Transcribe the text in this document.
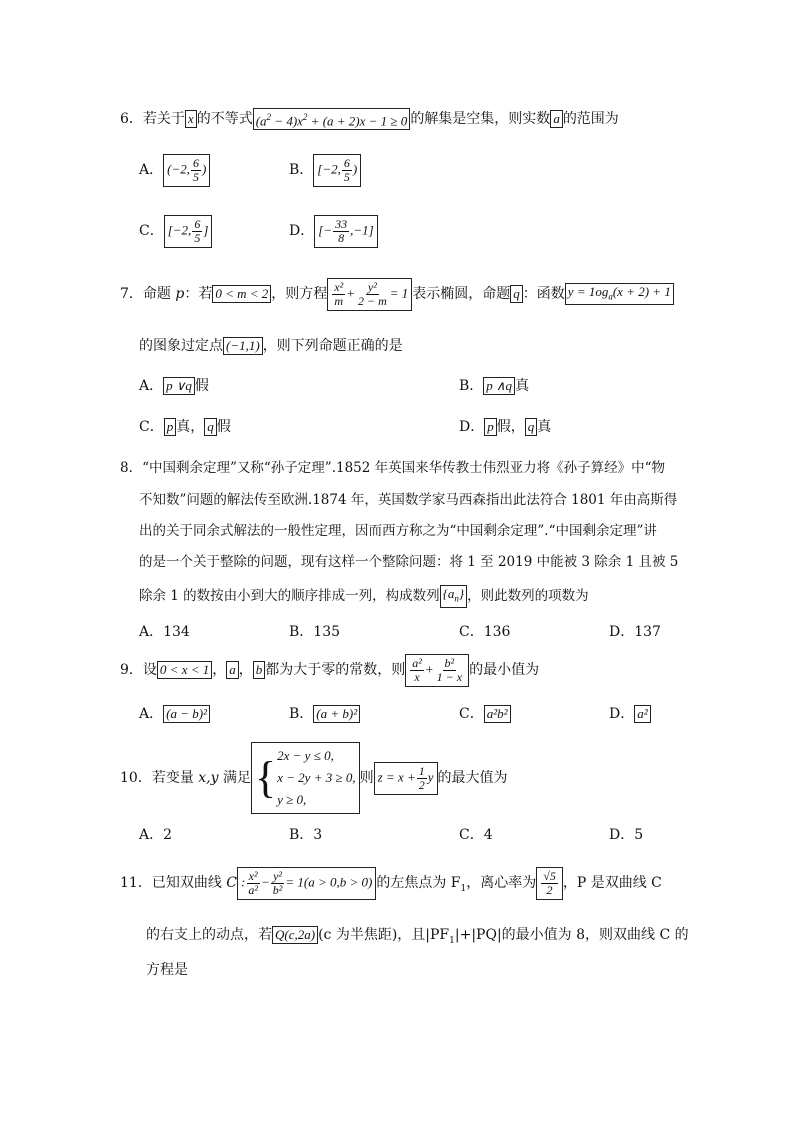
6．若关于 x 的不等式 $(a^2 - 4)x^2 + (a + 2)x - 1 \ge 0$ 的解集是空集，则实数 a 的范围为
A． (−2, $\frac{6}{5}$ )	B． [−2, $\frac{6}{5}$ )
C． [−2, $\frac{6}{5}$ ]	D． [− $\frac{33}{8} ,-1$]
7．命题 p：若 0 < m < 2 ，则方程 $\frac{\text{x²}}{m} + \frac{\text{y²}}{2 - m} = 1$ 表示椭圆，命题 q ：函数 $y = 1og_a(x + 2) + 1$
的图象过定点 (−1,1) ，则下列命题正确的是
A． p ∨q 假	B． p ∧q 真
C． p 真， q 假	D． p 假， q 真
8．“中国剩余定理”又称“孙子定理”.1852 年英国来华传教士伟烈亚力将《孙子算经》中“物
不知数”问题的解法传至欧洲.1874 年，英国数学家马西森指出此法符合 1801 年由高斯得
出的关于同余式解法的一般性定理，因而西方称之为“中国剩余定理”.“中国剩余定理”讲
的是一个关于整除的问题，现有这样一个整除问题：将 1 至 2019 中能被 3 除余 1 且被 5
除余 1 的数按由小到大的顺序排成一列，构成数列 $\{a_n\}$ ，则此数列的项数为
A．134	B．135	C．136	D．137
9．设 0 < x < 1 ， a ， b 都为大于零的常数，则 $\frac{\text{a²}}{x} + \frac{\text{b²}}{1 - x}$ 的最小值为
A． (a − b)²	B． (a + b)²	C． a²b²	D． a²
10．若变量 x,y 满足 { 2x − y ≤ 0,
x − 2y + 3 ≥ 0,
y ≥ 0,
则 $z = x + \frac{1}{2}$ y 的最大值为
A．2	B．3	C．4	D．5
11．已知双曲线 C : $\frac{\text{x²}}{\text{a²}} - \frac{\text{y²}}{\text{b²}} = 1(a > 0,b > 0)$ 的左焦点为 $F_1$，离心率为 $\frac{√5}{2}$ ，P 是双曲线 C
的右支上的动点，若 Q(c,2a) (c 为半焦距)，且$|PF_1|+|PQ|$的最小值为 8，则双曲线 C 的
方程是
